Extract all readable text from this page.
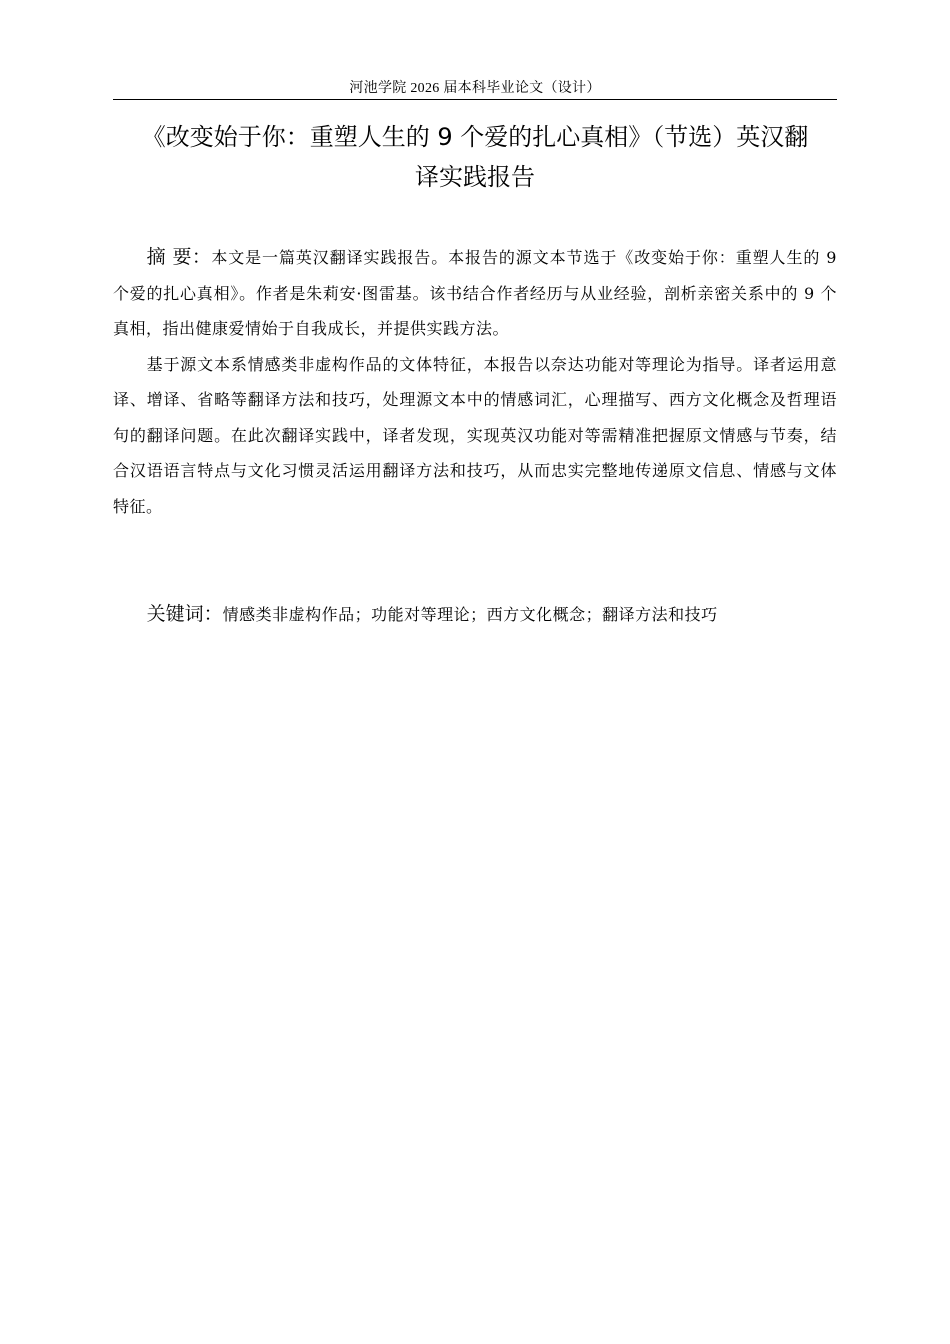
河池学院 2026 届本科毕业论文（设计）
《改变始于你：重塑人生的 9 个爱的扎心真相》（节选）英汉翻
译实践报告

摘 要：本文是一篇英汉翻译实践报告。本报告的源文本节选于《改变始于你：重塑人生的 9 个爱的扎心真相》。作者是朱莉安·图雷基。该书结合作者经历与从业经验，剖析亲密关系中的 9 个真相，指出健康爱情始于自我成长，并提供实践方法。

基于源文本系情感类非虚构作品的文体特征，本报告以奈达功能对等理论为指导。译者运用意译、增译、省略等翻译方法和技巧，处理源文本中的情感词汇，心理描写、西方文化概念及哲理语句的翻译问题。在此次翻译实践中，译者发现，实现英汉功能对等需精准把握原文情感与节奏，结合汉语语言特点与文化习惯灵活运用翻译方法和技巧，从而忠实完整地传递原文信息、情感与文体特征。

关键词：情感类非虚构作品；功能对等理论；西方文化概念；翻译方法和技巧
